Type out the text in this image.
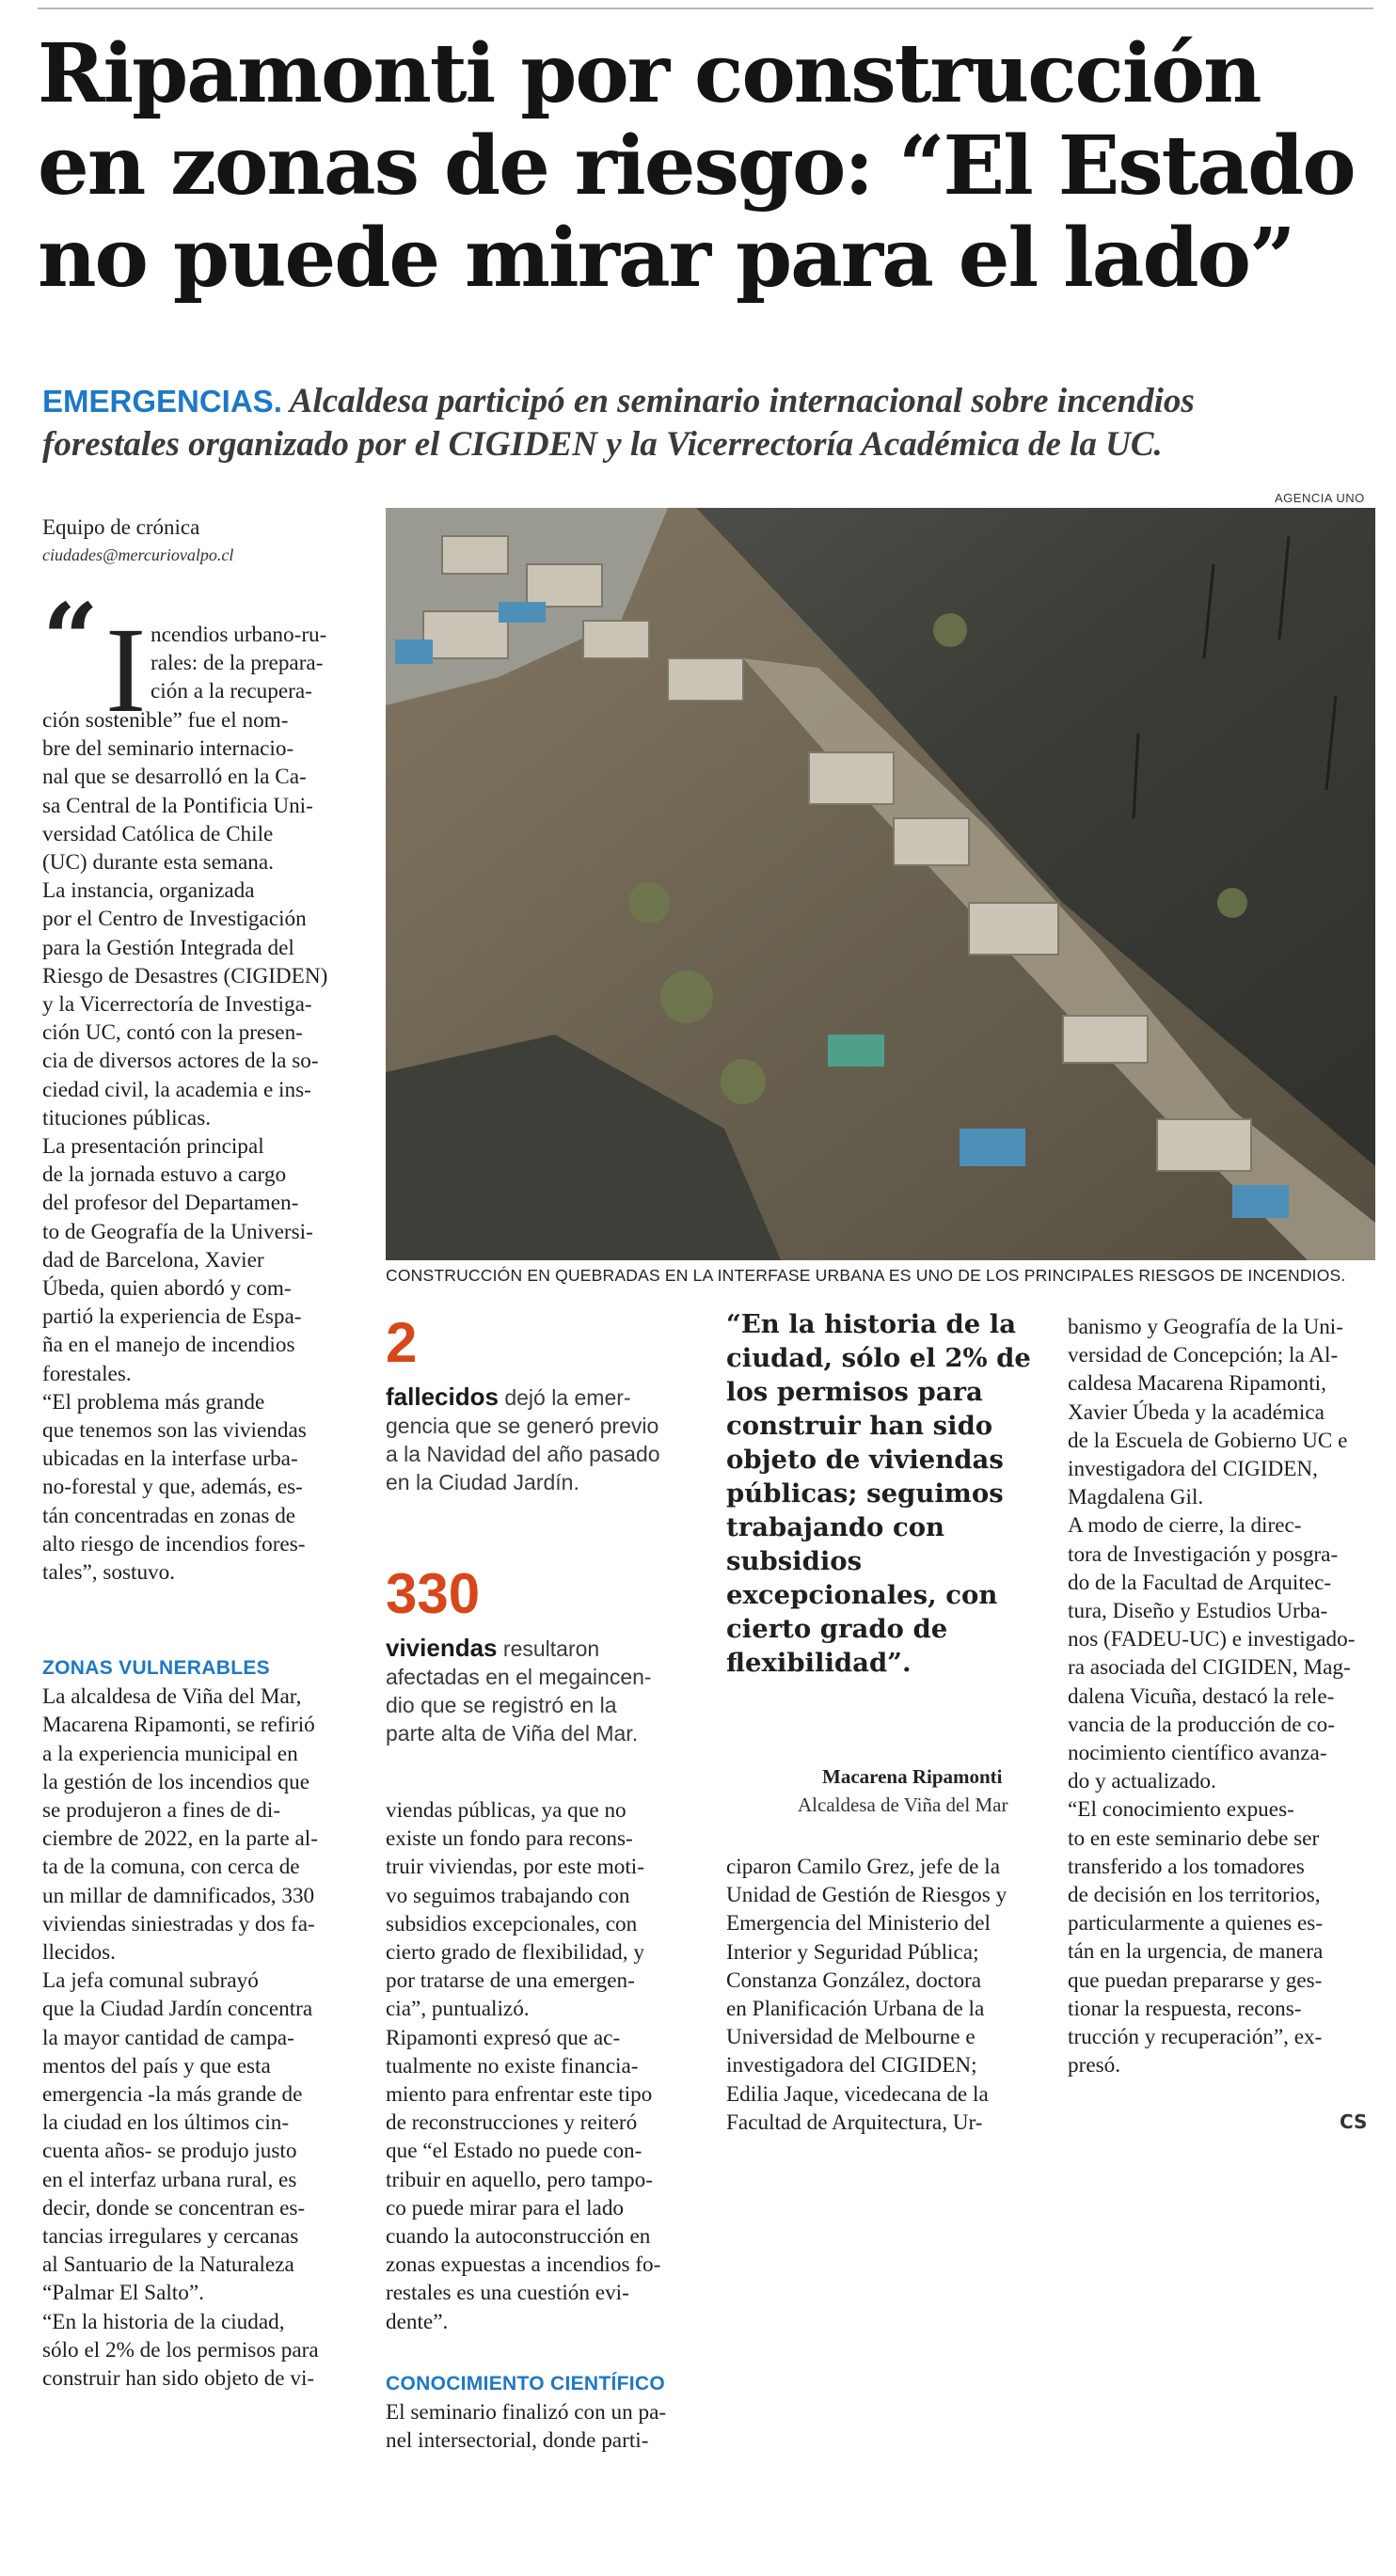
Ripamonti por construcción
en zonas de riesgo: “El Estado
no puede mirar para el lado”
EMERGENCIAS. Alcaldesa participó en seminario internacional sobre incendios
forestales organizado por el CIGIDEN y la Vicerrectoría Académica de la UC.
AGENCIA UNO
CONSTRUCCIÓN EN QUEBRADAS EN LA INTERFASE URBANA ES UNO DE LOS PRINCIPALES RIESGOS DE INCENDIOS.
Equipo de crónica
ciudades@mercuriovalpo.cl
“ I ncendios urbano-ru-
rales: de la prepara-
ción a la recupera-
ción sostenible” fue el nom-
bre del seminario internacio-
nal que se desarrolló en la Ca-
sa Central de la Pontificia Uni-
versidad Católica de Chile
(UC) durante esta semana.
La instancia, organizada
por el Centro de Investigación
para la Gestión Integrada del
Riesgo de Desastres (CIGIDEN)
y la Vicerrectoría de Investiga-
ción UC, contó con la presen-
cia de diversos actores de la so-
ciedad civil, la academia e ins-
tituciones públicas.
La presentación principal
de la jornada estuvo a cargo
del profesor del Departamen-
to de Geografía de la Universi-
dad de Barcelona, Xavier
Úbeda, quien abordó y com-
partió la experiencia de Espa-
ña en el manejo de incendios
forestales.
“El problema más grande
que tenemos son las viviendas
ubicadas en la interfase urba-
no-forestal y que, además, es-
tán concentradas en zonas de
alto riesgo de incendios fores-
tales”, sostuvo.
ZONAS VULNERABLES
La alcaldesa de Viña del Mar,
Macarena Ripamonti, se refirió
a la experiencia municipal en
la gestión de los incendios que
se produjeron a fines de di-
ciembre de 2022, en la parte al-
ta de la comuna, con cerca de
un millar de damnificados, 330
viviendas siniestradas y dos fa-
llecidos.
La jefa comunal subrayó
que la Ciudad Jardín concentra
la mayor cantidad de campa-
mentos del país y que esta
emergencia -la más grande de
la ciudad en los últimos cin-
cuenta años- se produjo justo
en el interfaz urbana rural, es
decir, donde se concentran es-
tancias irregulares y cercanas
al Santuario de la Naturaleza
“Palmar El Salto”.
“En la historia de la ciudad,
sólo el 2% de los permisos para
construir han sido objeto de vi-
2
fallecidos dejó la emer-
gencia que se generó previo
a la Navidad del año pasado
en la Ciudad Jardín.
330
viviendas resultaron
afectadas en el megaincen-
dio que se registró en la
parte alta de Viña del Mar.
viendas públicas, ya que no
existe un fondo para recons-
truir viviendas, por este moti-
vo seguimos trabajando con
subsidios excepcionales, con
cierto grado de flexibilidad, y
por tratarse de una emergen-
cia”, puntualizó.
Ripamonti expresó que ac-
tualmente no existe financia-
miento para enfrentar este tipo
de reconstrucciones y reiteró
que “el Estado no puede con-
tribuir en aquello, pero tampo-
co puede mirar para el lado
cuando la autoconstrucción en
zonas expuestas a incendios fo-
restales es una cuestión evi-
dente”.
CONOCIMIENTO CIENTÍFICO
El seminario finalizó con un pa-
nel intersectorial, donde parti-
“En la historia de la
ciudad, sólo el 2% de
los permisos para
construir han sido
objeto de viviendas
públicas; seguimos
trabajando con
subsidios
excepcionales, con
cierto grado de
flexibilidad”.
Macarena Ripamonti
Alcaldesa de Viña del Mar
ciparon Camilo Grez, jefe de la
Unidad de Gestión de Riesgos y
Emergencia del Ministerio del
Interior y Seguridad Pública;
Constanza González, doctora
en Planificación Urbana de la
Universidad de Melbourne e
investigadora del CIGIDEN;
Edilia Jaque, vicedecana de la
Facultad de Arquitectura, Ur-
banismo y Geografía de la Uni-
versidad de Concepción; la Al-
caldesa Macarena Ripamonti,
Xavier Úbeda y la académica
de la Escuela de Gobierno UC e
investigadora del CIGIDEN,
Magdalena Gil.
A modo de cierre, la direc-
tora de Investigación y posgra-
do de la Facultad de Arquitec-
tura, Diseño y Estudios Urba-
nos (FADEU-UC) e investigado-
ra asociada del CIGIDEN, Mag-
dalena Vicuña, destacó la rele-
vancia de la producción de co-
nocimiento científico avanza-
do y actualizado.
“El conocimiento expues-
to en este seminario debe ser
transferido a los tomadores
de decisión en los territorios,
particularmente a quienes es-
tán en la urgencia, de manera
que puedan prepararse y ges-
tionar la respuesta, recons-
trucción y recuperación”, ex-
presó.
CS
